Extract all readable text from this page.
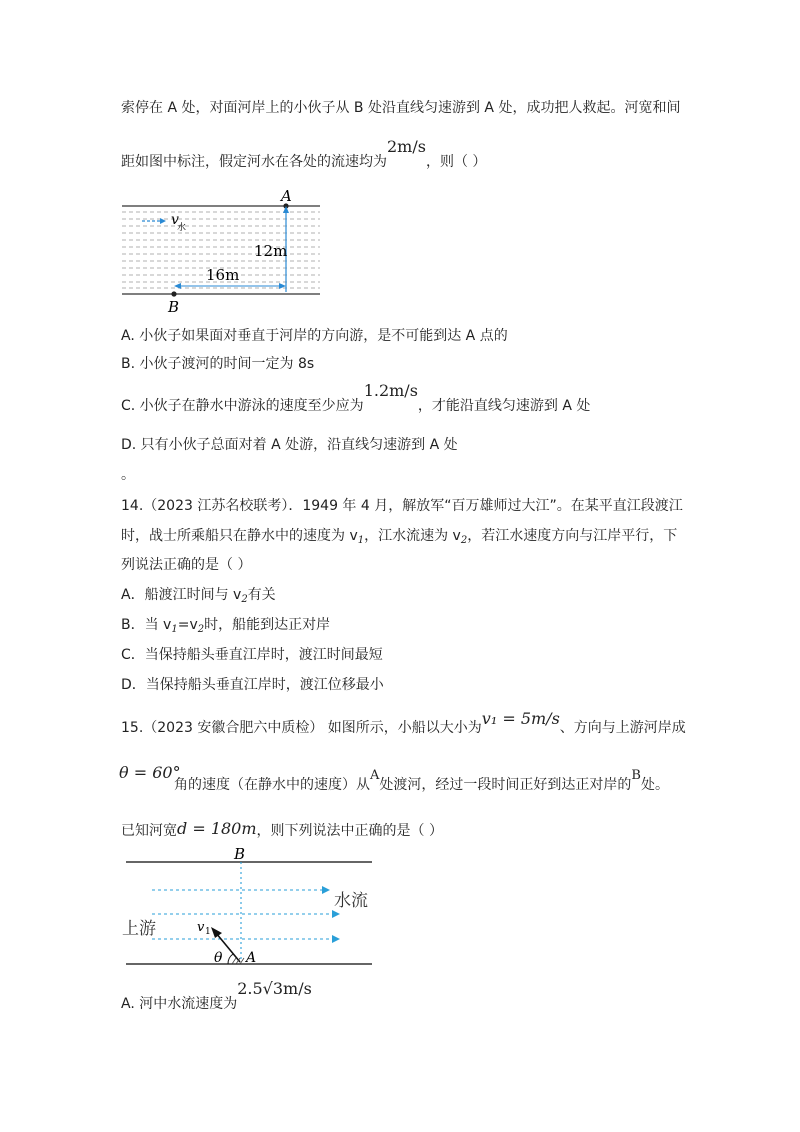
索停在 A 处，对面河岸上的小伙子从 B 处沿直线匀速游到 A 处，成功把人救起。河宽和间
距如图中标注，假定河水在各处的流速均为2m/s，则（ ）
v
水
A
12m
16m
B
A. 小伙子如果面对垂直于河岸的方向游，是不可能到达 A 点的
B. 小伙子渡河的时间一定为 8s
C. 小伙子在静水中游泳的速度至少应为1.2m/s，才能沿直线匀速游到 A 处
D. 只有小伙子总面对着 A 处游，沿直线匀速游到 A 处
。
14.（2023 江苏名校联考）．1949 年 4 月，解放军“百万雄师过大江”。在某平直江段渡江
时，战士所乘船只在静水中的速度为 $v_1$，江水流速为 $v_2$，若江水速度方向与江岸平行，下
列说法正确的是（ ）
A．船渡江时间与 $v_2$有关
B．当 $v_1=v_2$时，船能到达正对岸
C．当保持船头垂直江岸时，渡江时间最短
D．当保持船头垂直江岸时，渡江位移最小
15.（2023 安徽合肥六中质检） 如图所示，小船以大小为v₁ = 5m/s、方向与上游河岸成
θ = 60°
角的速度（在静水中的速度）从A处渡河，经过一段时间正好到达正对岸的B处。
已知河宽d = 180m，则下列说法中正确的是（ ）
B
水流
上游	v 1
θ A
A. 河中水流速度为2.5√3m/s
